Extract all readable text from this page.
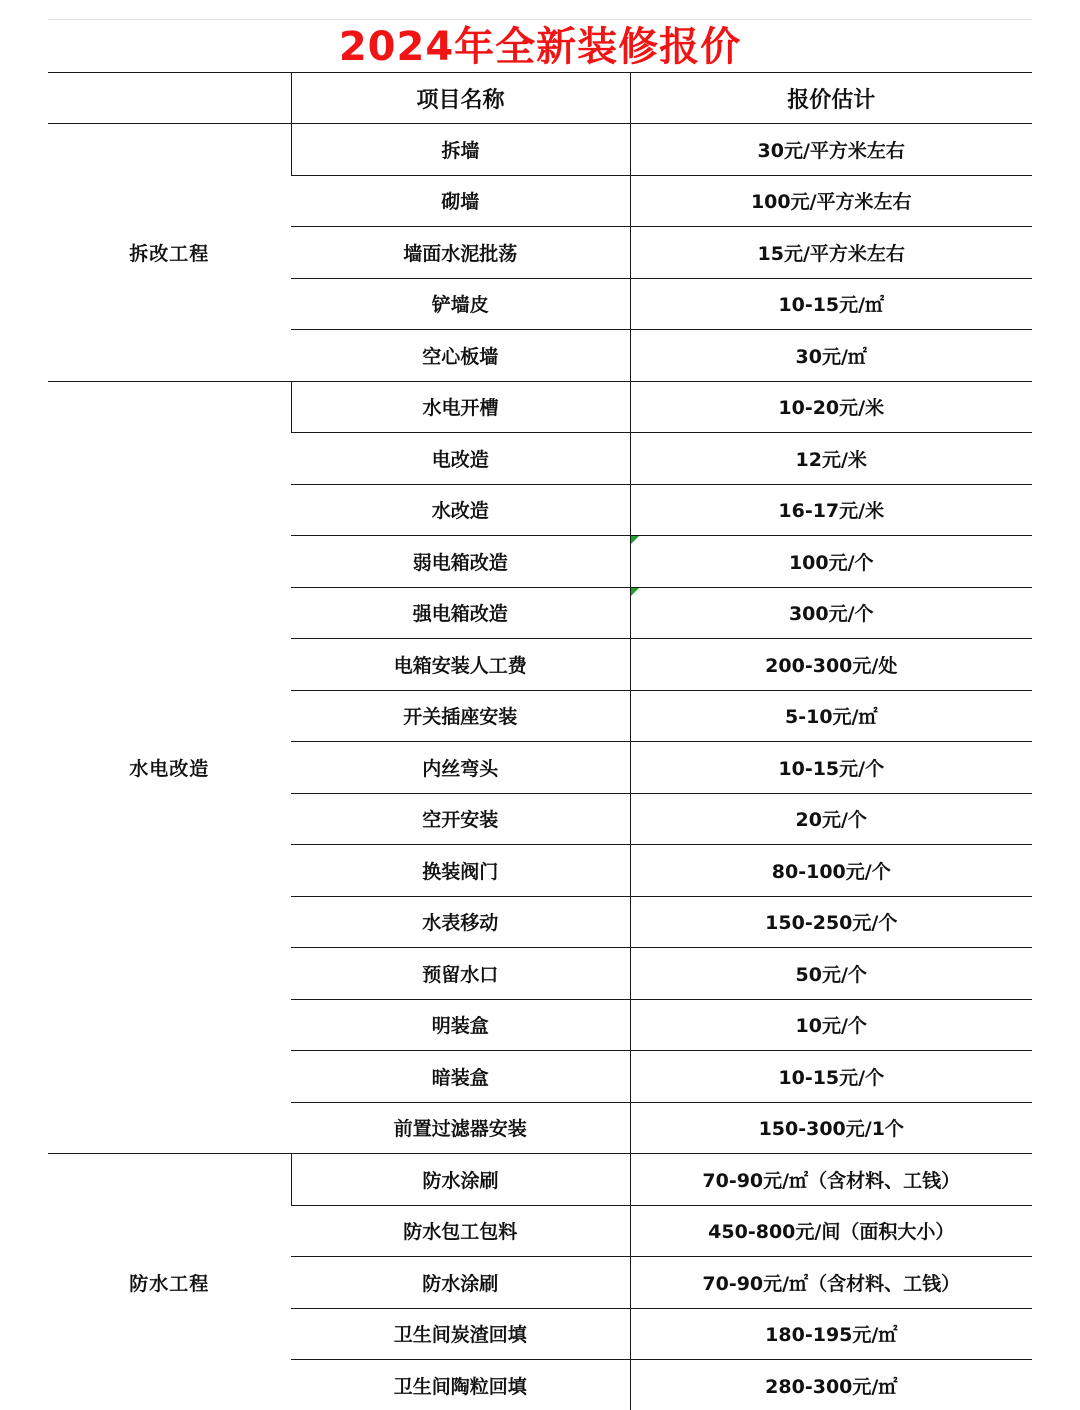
2024年全新装修报价
	项目名称	报价估计
拆改工程	拆墙	30元/平方米左右
	砌墙	100元/平方米左右
	墙面水泥批荡	15元/平方米左右
	铲墙皮	10-15元/㎡
	空心板墙	30元/㎡
水电改造	水电开槽	10-20元/米
	电改造	12元/米
	水改造	16-17元/米
	弱电箱改造	100元/个

	强电箱改造	300元/个

	电箱安装人工费	200-300元/处
	开关插座安装	5-10元/㎡
	内丝弯头	10-15元/个
	空开安装	20元/个
	换装阀门	80-100元/个
	水表移动	150-250元/个
	预留水口	50元/个
	明装盒	10元/个
	暗装盒	10-15元/个
	前置过滤器安装	150-300元/1个
防水工程	防水涂刷	70-90元/㎡（含材料、工钱）
	防水包工包料	450-800元/间（面积大小）
	防水涂刷	70-90元/㎡（含材料、工钱）
	卫生间炭渣回填	180-195元/㎡
	卫生间陶粒回填	280-300元/㎡
